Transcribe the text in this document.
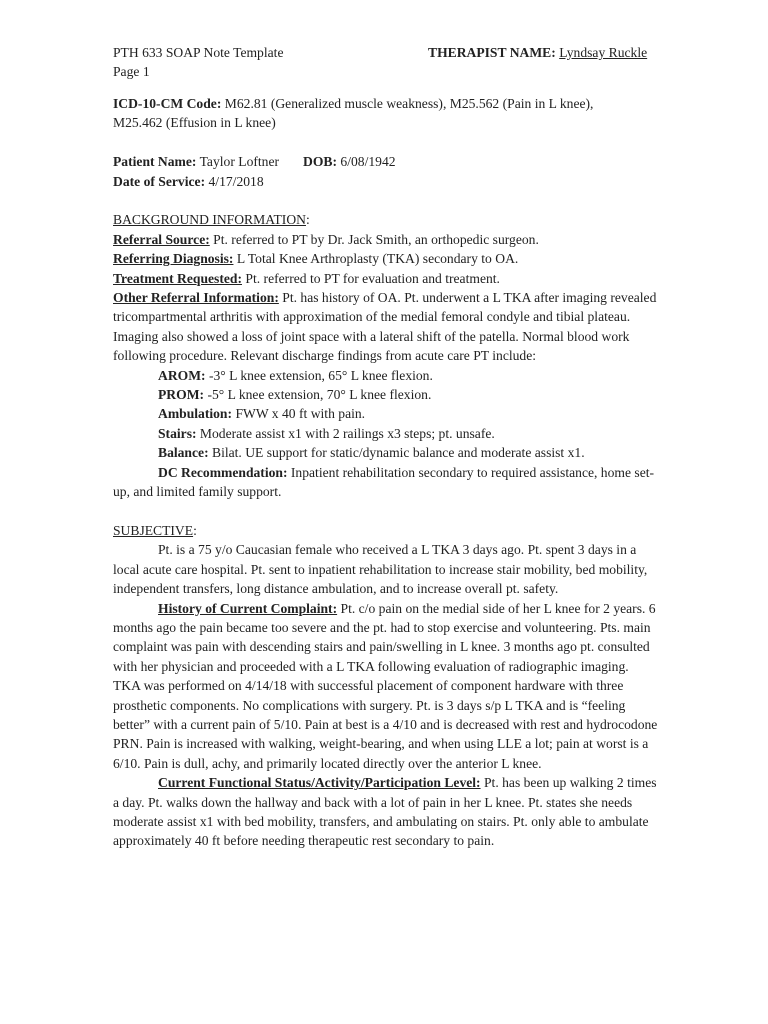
PTH 633 SOAP Note Template
Page 1
THERAPIST NAME: Lyndsay Ruckle

ICD-10-CM Code: M62.81 (Generalized muscle weakness), M25.562 (Pain in L knee),
M25.462 (Effusion in L knee)

Patient Name: Taylor Loftner DOB: 6/08/1942

Date of Service: 4/17/2018

BACKGROUND INFORMATION:

Referral Source: Pt. referred to PT by Dr. Jack Smith, an orthopedic surgeon.

Referring Diagnosis: L Total Knee Arthroplasty (TKA) secondary to OA.

Treatment Requested: Pt. referred to PT for evaluation and treatment.

Other Referral Information: Pt. has history of OA. Pt. underwent a L TKA after imaging revealed tricompartmental arthritis with approximation of the medial femoral condyle and tibial plateau. Imaging also showed a loss of joint space with a lateral shift of the patella. Normal blood work following procedure. Relevant discharge findings from acute care PT include:

AROM: -3° L knee extension, 65° L knee flexion.

PROM: -5° L knee extension, 70° L knee flexion.

Ambulation: FWW x 40 ft with pain.

Stairs: Moderate assist x1 with 2 railings x3 steps; pt. unsafe.

Balance: Bilat. UE support for static/dynamic balance and moderate assist x1.

DC Recommendation: Inpatient rehabilitation secondary to required assistance, home set-up, and limited family support.

SUBJECTIVE:

Pt. is a 75 y/o Caucasian female who received a L TKA 3 days ago. Pt. spent 3 days in a local acute care hospital. Pt. sent to inpatient rehabilitation to increase stair mobility, bed mobility, independent transfers, long distance ambulation, and to increase overall pt. safety.

History of Current Complaint: Pt. c/o pain on the medial side of her L knee for 2 years. 6 months ago the pain became too severe and the pt. had to stop exercise and volunteering. Pts. main complaint was pain with descending stairs and pain/swelling in L knee. 3 months ago pt. consulted with her physician and proceeded with a L TKA following evaluation of radiographic imaging. TKA was performed on 4/14/18 with successful placement of component hardware with three prosthetic components. No complications with surgery. Pt. is 3 days s/p L TKA and is “feeling better” with a current pain of 5/10. Pain at best is a 4/10 and is decreased with rest and hydrocodone PRN. Pain is increased with walking, weight-bearing, and when using LLE a lot; pain at worst is a 6/10. Pain is dull, achy, and primarily located directly over the anterior L knee.

Current Functional Status/Activity/Participation Level: Pt. has been up walking 2 times a day. Pt. walks down the hallway and back with a lot of pain in her L knee. Pt. states she needs moderate assist x1 with bed mobility, transfers, and ambulating on stairs. Pt. only able to ambulate approximately 40 ft before needing therapeutic rest secondary to pain.
